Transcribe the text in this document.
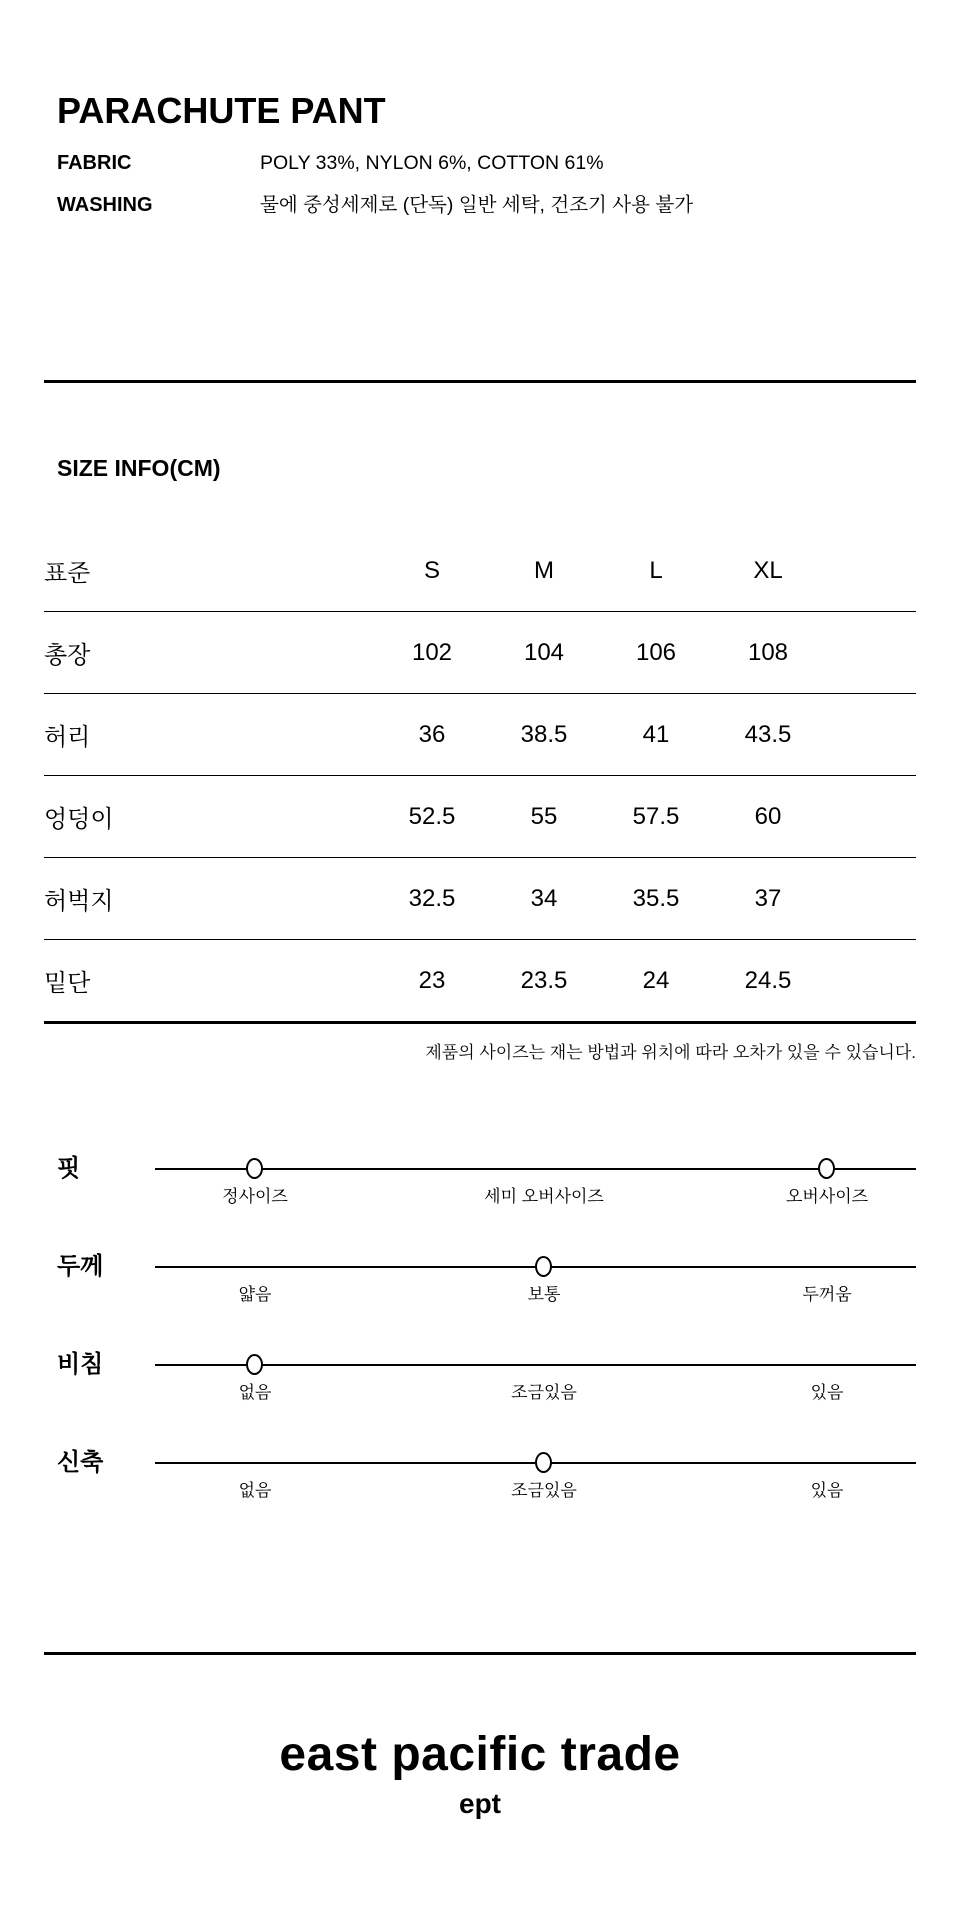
PARACHUTE PANT
FABRIC	POLY 33%, NYLON 6%, COTTON 61%
WASHING	물에 중성세제로 (단독) 일반 세탁, 건조기 사용 불가
SIZE INFO(CM)
표준	S	M	L	XL	
총장	102	104	106	108	
허리	36	38.5	41	43.5	
엉덩이	52.5	55	57.5	60	
허벅지	32.5	34	35.5	37	
밑단	23	23.5	24	24.5	
제품의 사이즈는 재는 방법과 위치에 따라 오차가 있을 수 있습니다.
핏
정사이즈	세미 오버사이즈	오버사이즈
두께
얇음	보통	두꺼움
비침
없음	조금있음	있음
신축
없음	조금있음	있음
east pacific trade
ept
